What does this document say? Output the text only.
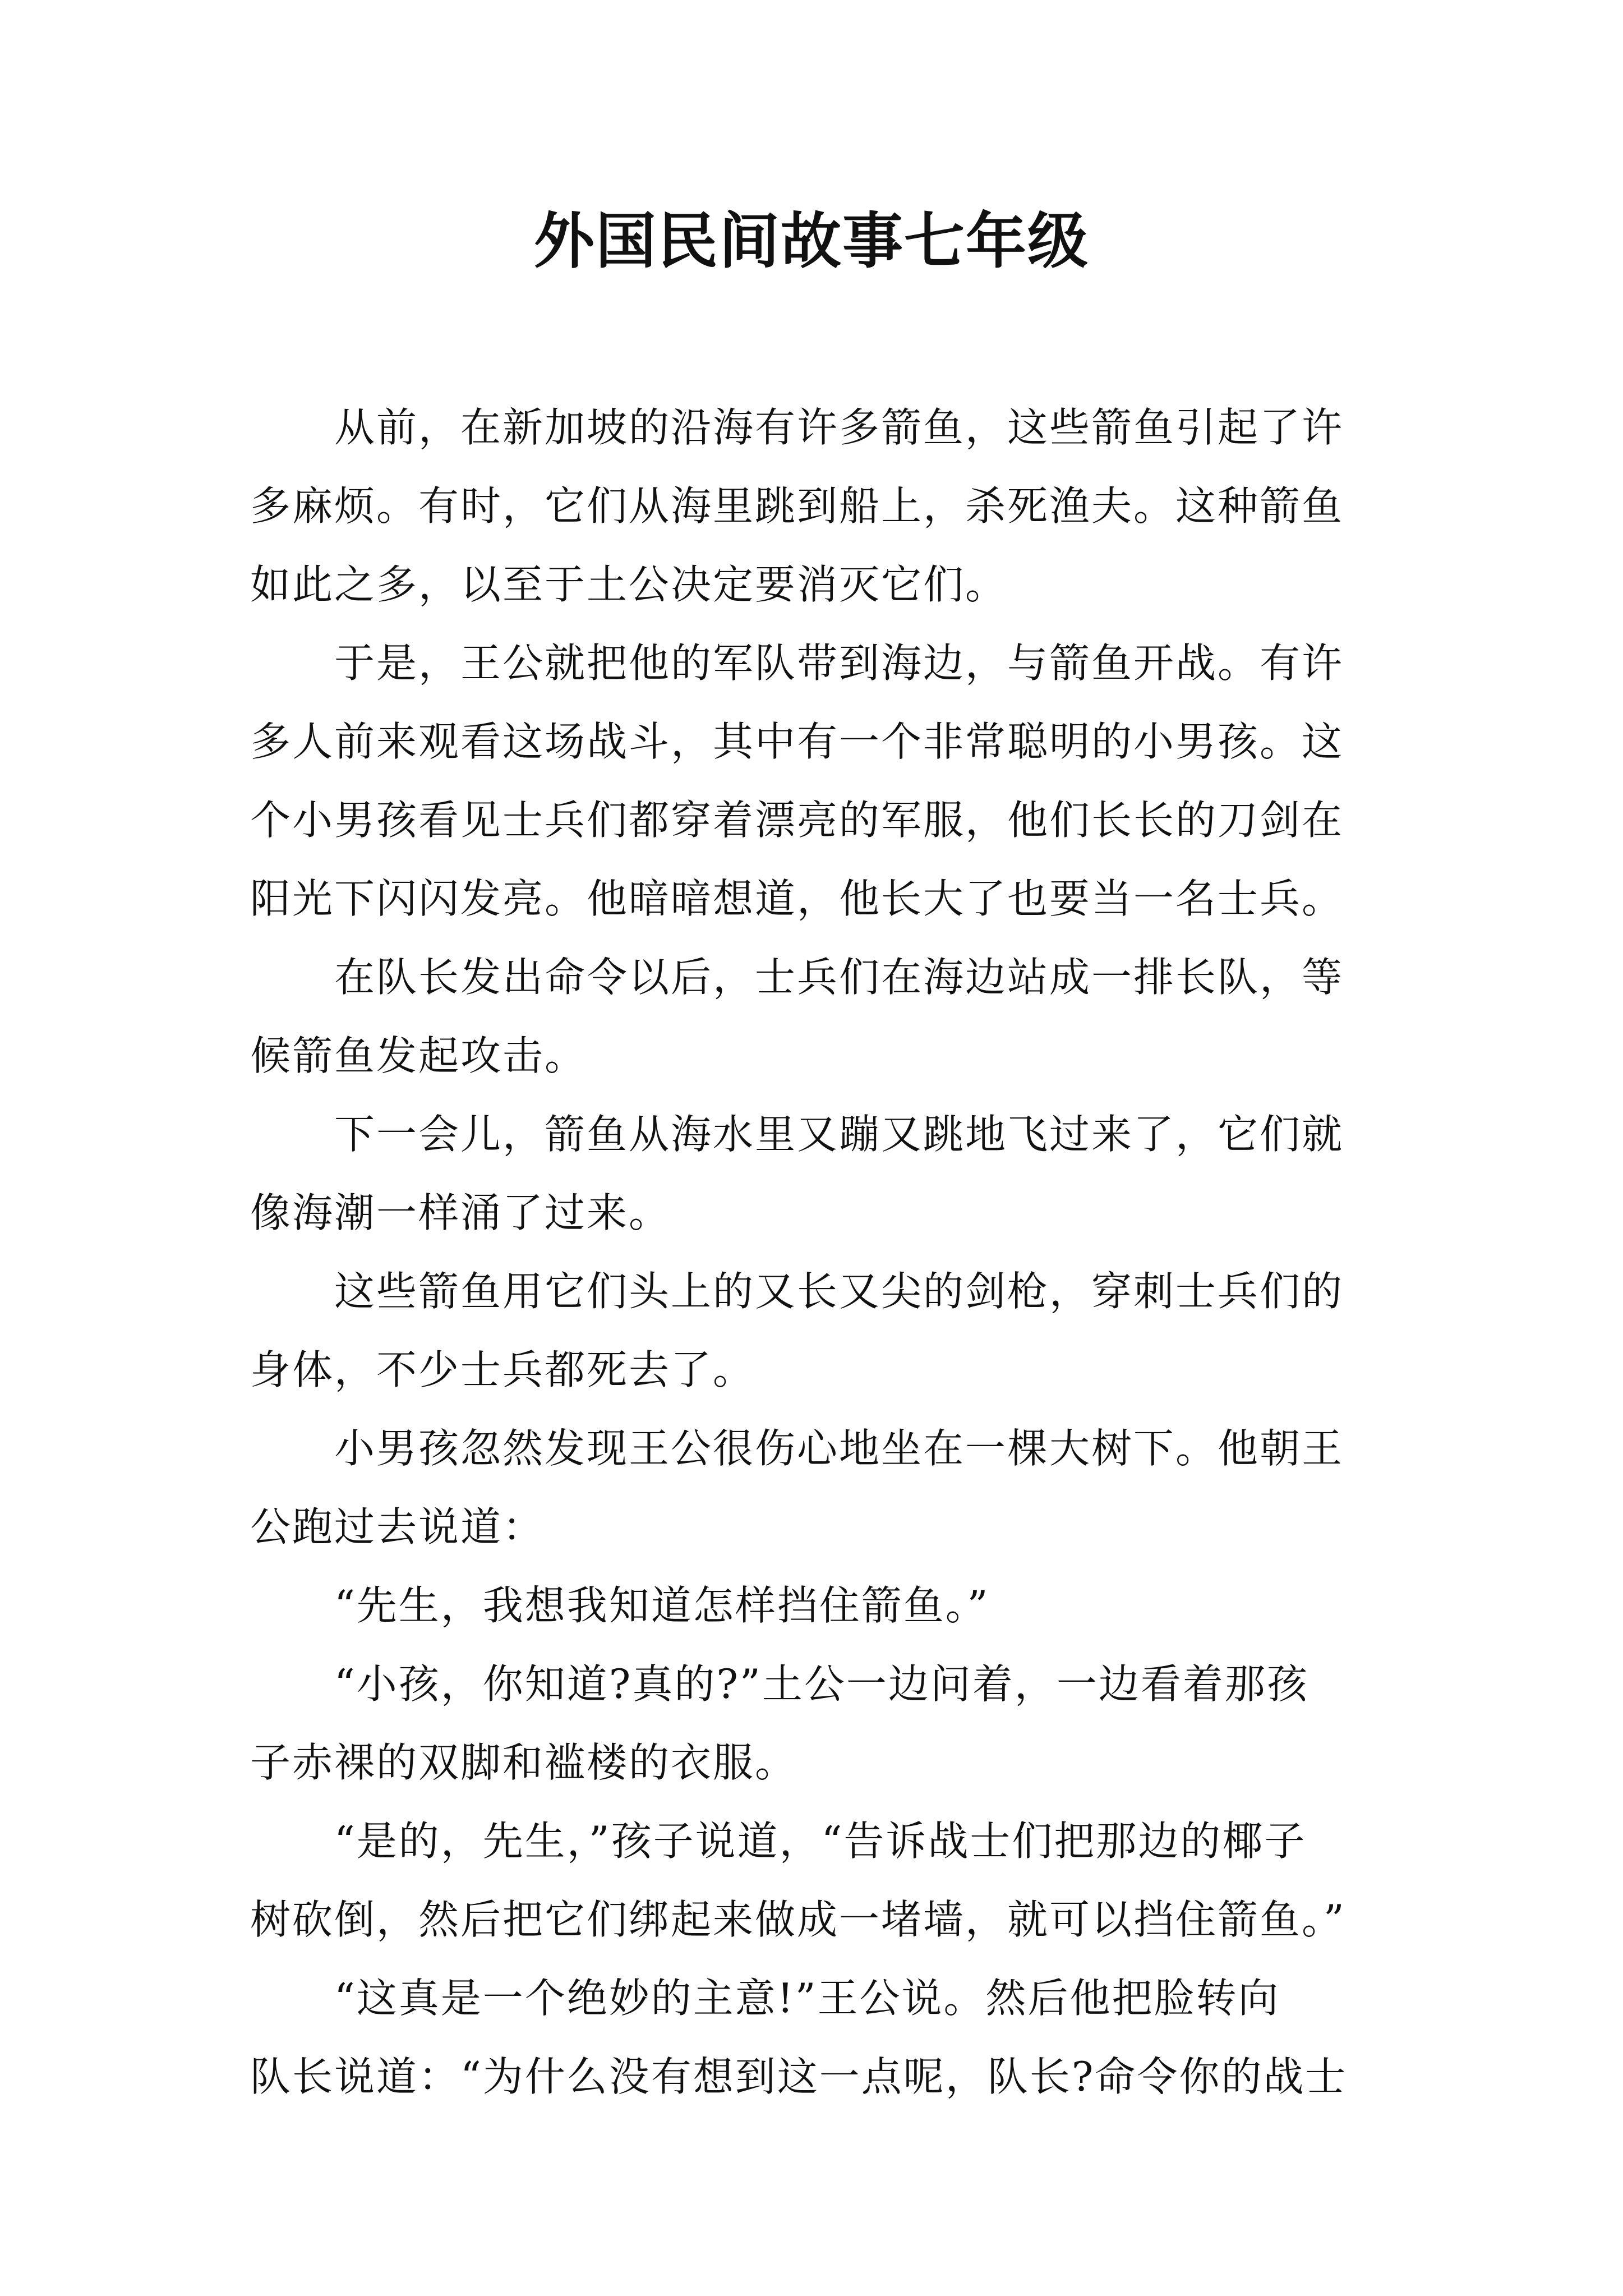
外国民间故事七年级
从前，在新加坡的沿海有许多箭鱼，这些箭鱼引起了许
多麻烦。有时，它们从海里跳到船上，杀死渔夫。这种箭鱼
如此之多，以至于土公决定要消灭它们。
于是，王公就把他的军队带到海边，与箭鱼开战。有许
多人前来观看这场战斗，其中有一个非常聪明的小男孩。这
个小男孩看见士兵们都穿着漂亮的军服，他们长长的刀剑在
阳光下闪闪发亮。他暗暗想道，他长大了也要当一名士兵。
在队长发出命令以后，士兵们在海边站成一排长队，等
候箭鱼发起攻击。
下一会儿，箭鱼从海水里又蹦又跳地飞过来了，它们就
像海潮一样涌了过来。
这些箭鱼用它们头上的又长又尖的剑枪，穿刺士兵们的
身体，不少士兵都死去了。
小男孩忽然发现王公很伤心地坐在一棵大树下。他朝王
公跑过去说道：
“先生，我想我知道怎样挡住箭鱼。”
“小孩，你知道?真的?”土公一边问着，一边看着那孩
子赤裸的双脚和褴楼的衣服。
“是的，先生，”孩子说道，“告诉战士们把那边的椰子
树砍倒，然后把它们绑起来做成一堵墙，就可以挡住箭鱼。”
“这真是一个绝妙的主意!”王公说。然后他把脸转向
队长说道：“为什么没有想到这一点呢，队长?命令你的战士
